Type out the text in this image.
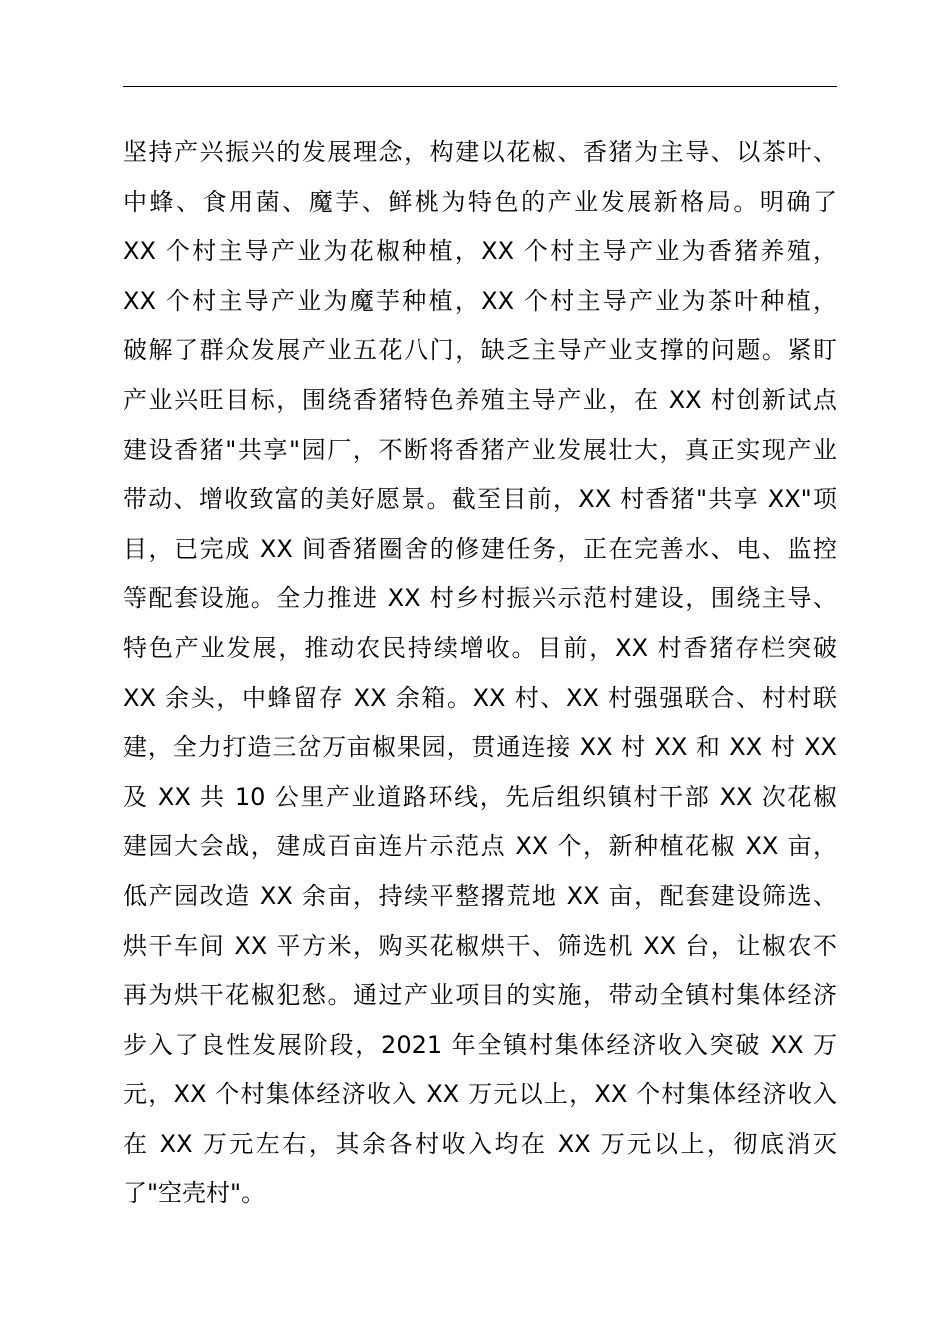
坚持产兴振兴的发展理念，构建以花椒、香猪为主导、以茶叶、
中蜂、食用菌、魔芋、鲜桃为特色的产业发展新格局。明确了
XX 个村主导产业为花椒种植，XX 个村主导产业为香猪养殖，
XX 个村主导产业为魔芋种植，XX 个村主导产业为茶叶种植，
破解了群众发展产业五花八门，缺乏主导产业支撑的问题。紧盯
产业兴旺目标，围绕香猪特色养殖主导产业，在 XX 村创新试点
建设香猪"共享"园厂，不断将香猪产业发展壮大，真正实现产业
带动、增收致富的美好愿景。截至目前，XX 村香猪"共享 XX"项
目，已完成 XX 间香猪圈舍的修建任务，正在完善水、电、监控
等配套设施。全力推进 XX 村乡村振兴示范村建设，围绕主导、
特色产业发展，推动农民持续增收。目前，XX 村香猪存栏突破
XX 余头，中蜂留存 XX 余箱。XX 村、XX 村强强联合、村村联
建，全力打造三岔万亩椒果园，贯通连接 XX 村 XX 和 XX 村 XX
及 XX 共 10 公里产业道路环线，先后组织镇村干部 XX 次花椒
建园大会战，建成百亩连片示范点 XX 个，新种植花椒 XX 亩，
低产园改造 XX 余亩，持续平整撂荒地 XX 亩，配套建设筛选、
烘干车间 XX 平方米，购买花椒烘干、筛选机 XX 台，让椒农不
再为烘干花椒犯愁。通过产业项目的实施，带动全镇村集体经济
步入了良性发展阶段，2021 年全镇村集体经济收入突破 XX 万
元，XX 个村集体经济收入 XX 万元以上，XX 个村集体经济收入
在 XX 万元左右，其余各村收入均在 XX 万元以上，彻底消灭
了"空壳村"。
